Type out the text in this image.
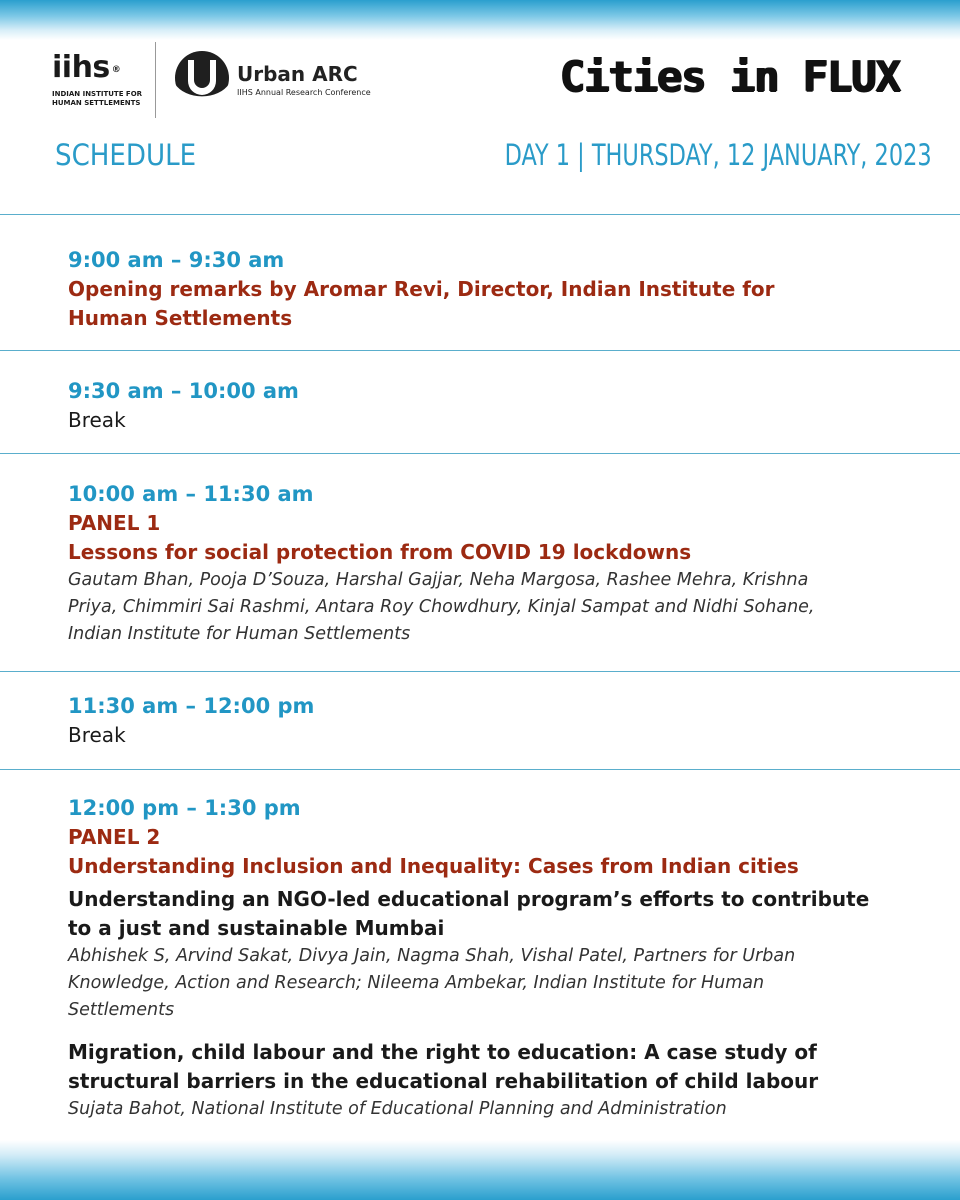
iihs ®
INDIAN INSTITUTE FOR
HUMAN SETTLEMENTS
Urban ARC
IIHS Annual Research Conference	Cities in FLUX
SCHEDULE	DAY 1 | THURSDAY, 12 JANUARY, 2023
9:00 am – 9:30 am
Opening remarks by Aromar Revi, Director, Indian Institute for
Human Settlements
9:30 am – 10:00 am
Break
10:00 am – 11:30 am
PANEL 1
Lessons for social protection from COVID 19 lockdowns
Gautam Bhan, Pooja D’Souza, Harshal Gajjar, Neha Margosa, Rashee Mehra, Krishna
Priya, Chimmiri Sai Rashmi, Antara Roy Chowdhury, Kinjal Sampat and Nidhi Sohane,
Indian Institute for Human Settlements
11:30 am – 12:00 pm
Break
12:00 pm – 1:30 pm
PANEL 2
Understanding Inclusion and Inequality: Cases from Indian cities
Understanding an NGO-led educational program’s efforts to contribute
to a just and sustainable Mumbai
Abhishek S, Arvind Sakat, Divya Jain, Nagma Shah, Vishal Patel, Partners for Urban
Knowledge, Action and Research; Nileema Ambekar, Indian Institute for Human
Settlements
Migration, child labour and the right to education: A case study of
structural barriers in the educational rehabilitation of child labour
Sujata Bahot, National Institute of Educational Planning and Administration
